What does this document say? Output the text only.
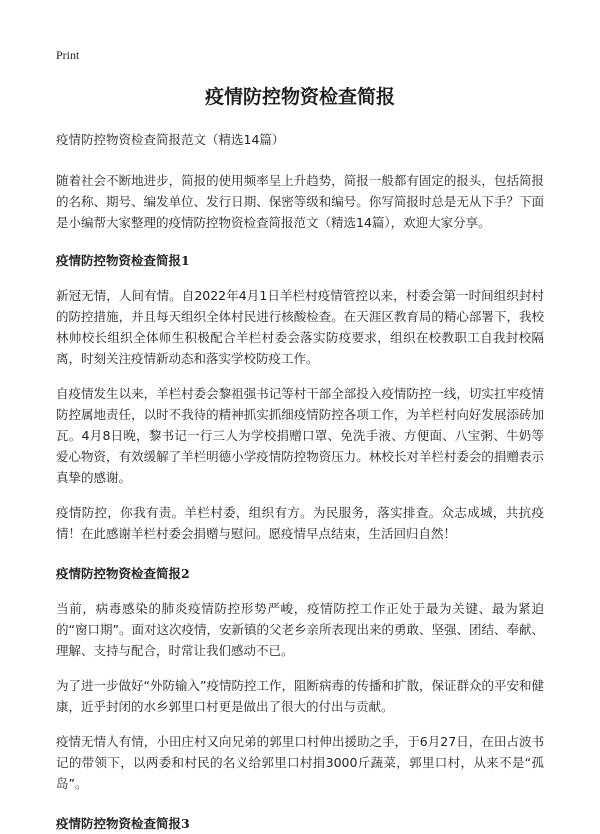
Print
疫情防控物资检查简报
疫情防控物资检查简报范文（精选14篇）

随着社会不断地进步，简报的使用频率呈上升趋势，简报一般都有固定的报头，包括简报的名称、期号、编发单位、发行日期、保密等级和编号。你写简报时总是无从下手？下面是小编帮大家整理的疫情防控物资检查简报范文（精选14篇），欢迎大家分享。

疫情防控物资检查简报1

新冠无情，人间有情。自2022年4月1日羊栏村疫情管控以来，村委会第一时间组织封村的防控措施，并且每天组织全体村民进行核酸检查。在天涯区教育局的精心部署下，我校林帅校长组织全体师生积极配合羊栏村委会落实防疫要求，组织在校教职工自我封校隔离，时刻关注疫情新动态和落实学校防疫工作。

自疫情发生以来，羊栏村委会黎祖强书记等村干部全部投入疫情防控一线，切实扛牢疫情防控属地责任，以时不我待的精神抓实抓细疫情防控各项工作，为羊栏村向好发展添砖加瓦。4月8日晚，黎书记一行三人为学校捐赠口罩、免洗手液、方便面、八宝粥、牛奶等爱心物资，有效缓解了羊栏明德小学疫情防控物资压力。林校长对羊栏村委会的捐赠表示真挚的感谢。

疫情防控，你我有责。羊栏村委，组织有方。为民服务，落实排查。众志成城，共抗疫情！在此感谢羊栏村委会捐赠与慰问。愿疫情早点结束，生活回归自然！

疫情防控物资检查简报2

当前，病毒感染的肺炎疫情防控形势严峻，疫情防控工作正处于最为关键、最为紧迫的“窗口期”。面对这次疫情，安新镇的父老乡亲所表现出来的勇敢、坚强、团结、奉献、理解、支持与配合，时常让我们感动不已。

为了进一步做好“外防输入”疫情防控工作，阻断病毒的传播和扩散，保证群众的平安和健康，近乎封闭的水乡郭里口村更是做出了很大的付出与贡献。

疫情无情人有情，小田庄村又向兄弟的郭里口村伸出援助之手，于6月27日，在田占波书记的带领下，以两委和村民的名义给郭里口村捐3000斤蔬菜，郭里口村，从来不是“孤岛”。

疫情防控物资检查简报3
